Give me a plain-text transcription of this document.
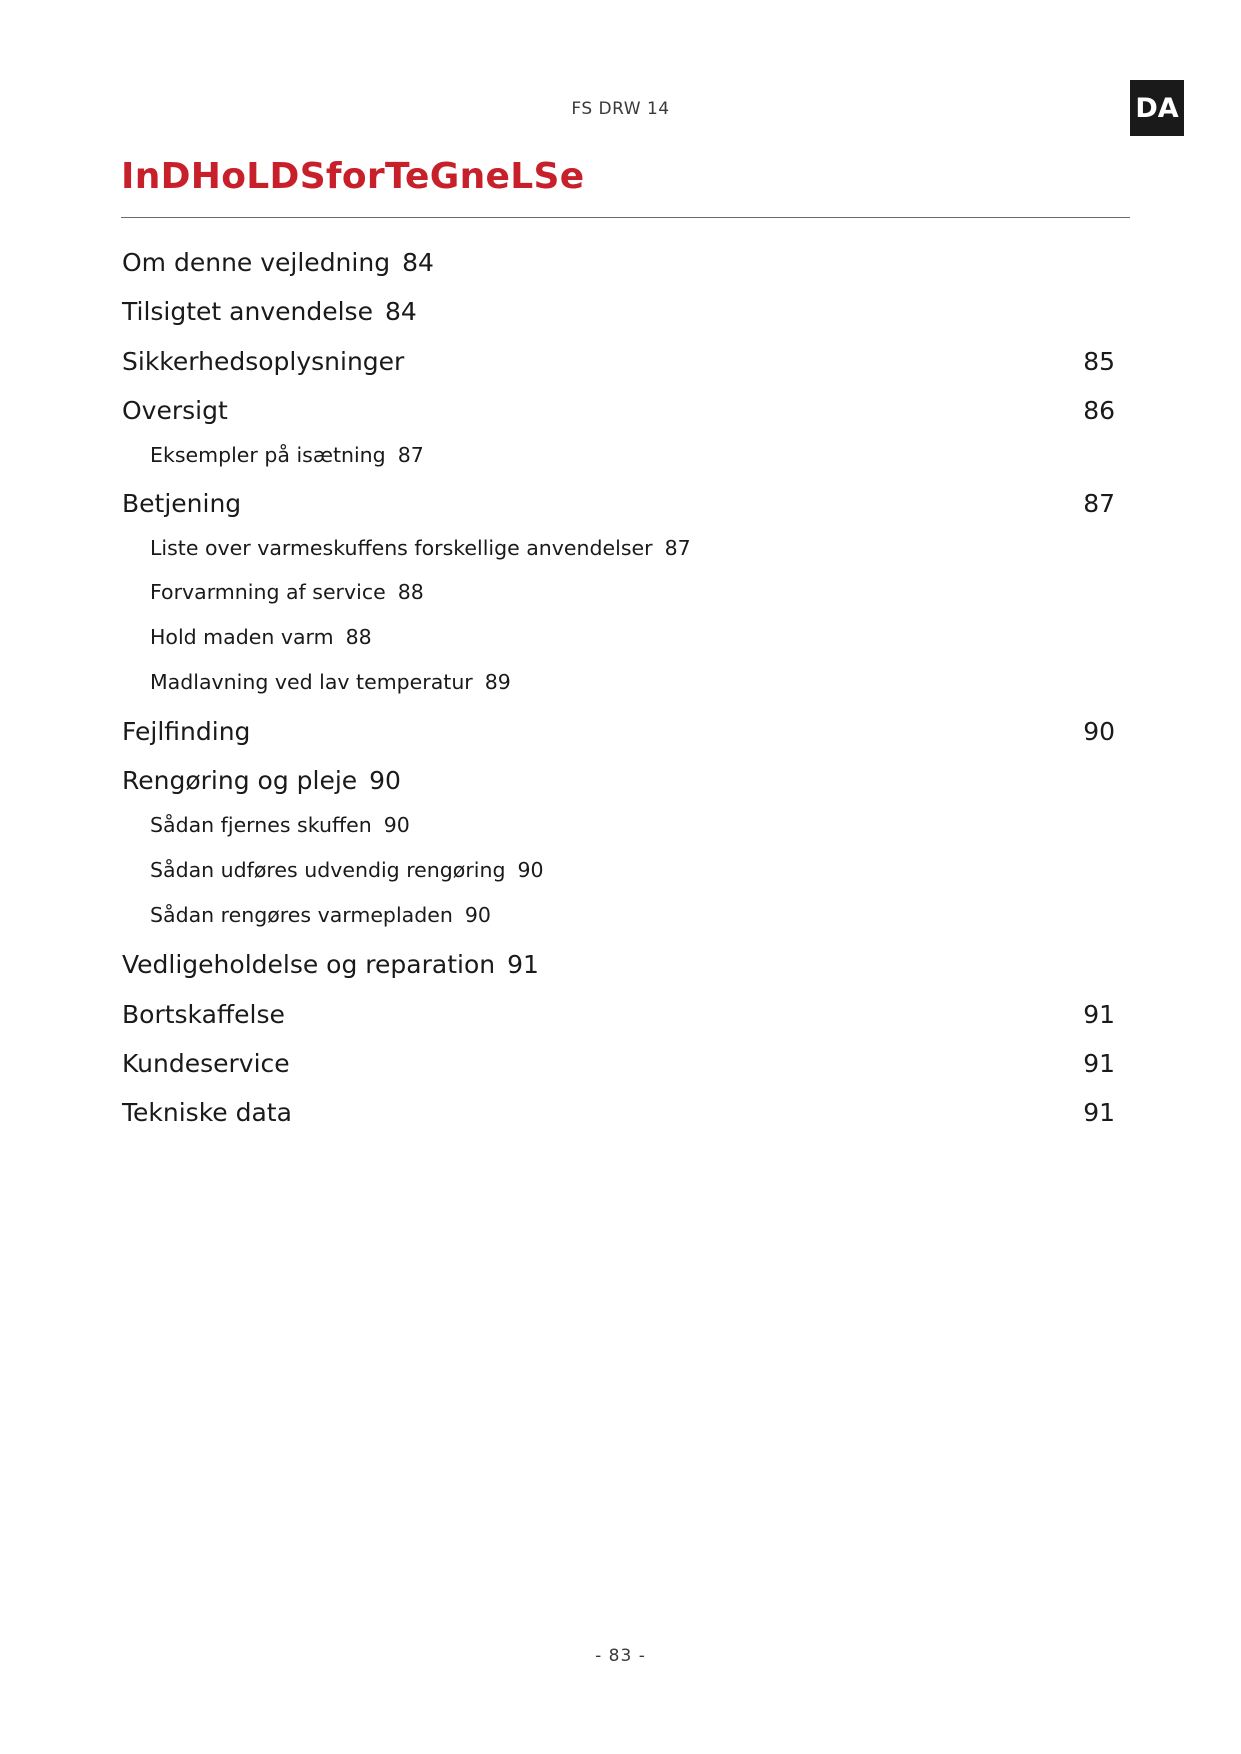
FS DRW 14	DA
InDHoLDSforTeGneLSe
Om denne vejledning 84
Tilsigtet anvendelse 84
Sikkerhedsoplysninger	85
Oversigt	86
Eksempler på isætning 87
Betjening	87
Liste over varmeskuffens forskellige anvendelser 87
Forvarmning af service 88
Hold maden varm 88
Madlavning ved lav temperatur 89
Fejlfinding	90
Rengøring og pleje 90
Sådan fjernes skuffen 90
Sådan udføres udvendig rengøring 90
Sådan rengøres varmepladen 90
Vedligeholdelse og reparation 91
Bortskaffelse	91
Kundeservice	91
Tekniske data	91
- 83 -
